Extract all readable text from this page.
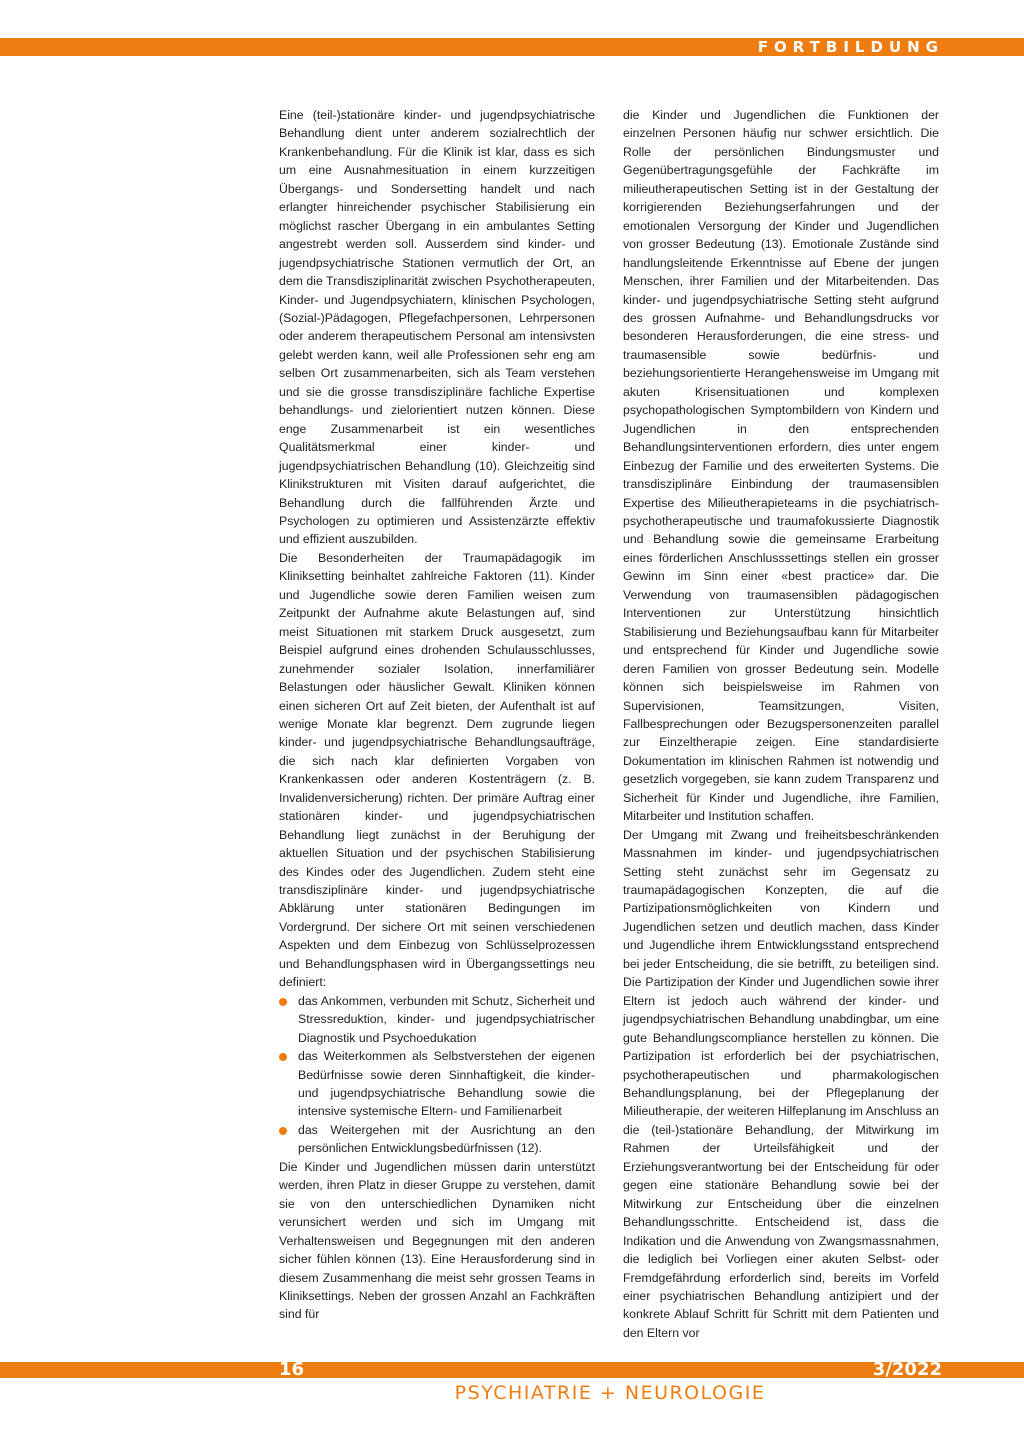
FORTBILDUNG

Eine (teil-)stationäre kinder- und jugendpsychiatrische Behandlung dient unter anderem sozialrechtlich der Krankenbehandlung. Für die Klinik ist klar, dass es sich um eine Ausnahmesituation in einem kurzzeitigen Übergangs- und Sondersetting handelt und nach erlangter hinreichender psychischer Stabilisierung ein möglichst rascher Übergang in ein ambulantes Setting angestrebt werden soll. Ausserdem sind kinder- und jugendpsychiatrische Stationen vermutlich der Ort, an dem die Transdisziplinarität zwischen Psychotherapeuten, Kinder- und Jugendpsychiatern, klinischen Psychologen, (Sozial-)Pädagogen, Pflegefachpersonen, Lehrpersonen oder anderem therapeutischem Personal am intensivsten gelebt werden kann, weil alle Professionen sehr eng am selben Ort zusammenarbeiten, sich als Team verstehen und sie die grosse transdisziplinäre fachliche Expertise behandlungs- und zielorientiert nutzen können. Diese enge Zusammenarbeit ist ein wesentliches Qualitätsmerkmal einer kinder- und jugendpsychiatrischen Behandlung (10). Gleichzeitig sind Klinikstrukturen mit Visiten darauf aufgerichtet, die Behandlung durch die fallführenden Ärzte und Psychologen zu optimieren und Assistenzärzte effektiv und effizient auszubilden.

Die Besonderheiten der Traumapädagogik im Kliniksetting beinhaltet zahlreiche Faktoren (11). Kinder und Jugendliche sowie deren Familien weisen zum Zeitpunkt der Aufnahme akute Belastungen auf, sind meist Situationen mit starkem Druck ausgesetzt, zum Beispiel aufgrund eines drohenden Schulausschlusses, zunehmender sozialer Isolation, innerfamiliärer Belastungen oder häuslicher Gewalt. Kliniken können einen sicheren Ort auf Zeit bieten, der Aufenthalt ist auf wenige Monate klar begrenzt. Dem zugrunde liegen kinder- und jugendpsychiatrische Behandlungsaufträge, die sich nach klar definierten Vorgaben von Krankenkassen oder anderen Kostenträgern (z. B. Invalidenversicherung) richten. Der primäre Auftrag einer stationären kinder- und jugendpsychiatrischen Behandlung liegt zunächst in der Beruhigung der aktuellen Situation und der psychischen Stabilisierung des Kindes oder des Jugendlichen. Zudem steht eine transdisziplinäre kinder- und jugendpsychiatrische Abklärung unter stationären Bedingungen im Vordergrund. Der sichere Ort mit seinen verschiedenen Aspekten und dem Einbezug von Schlüsselprozessen und Behandlungsphasen wird in Übergangssettings neu definiert:

das Ankommen, verbunden mit Schutz, Sicherheit und Stressreduktion, kinder- und jugendpsychiatrischer Diagnostik und Psychoedukation
das Weiterkommen als Selbstverstehen der eigenen Bedürfnisse sowie deren Sinnhaftigkeit, die kinder- und jugendpsychiatrische Behandlung sowie die intensive systemische Eltern- und Familienarbeit
das Weitergehen mit der Ausrichtung an den persönlichen Entwicklungsbedürfnissen (12).

Die Kinder und Jugendlichen müssen darin unterstützt werden, ihren Platz in dieser Gruppe zu verstehen, damit sie von den unterschiedlichen Dynamiken nicht verunsichert werden und sich im Umgang mit Verhaltensweisen und Begegnungen mit den anderen sicher fühlen können (13). Eine Herausforderung sind in diesem Zusammenhang die meist sehr grossen Teams in Kliniksettings. Neben der grossen Anzahl an Fachkräften sind für

die Kinder und Jugendlichen die Funktionen der einzelnen Personen häufig nur schwer ersichtlich. Die Rolle der persönlichen Bindungsmuster und Gegenübertragungsgefühle der Fachkräfte im milieutherapeutischen Setting ist in der Gestaltung der korrigierenden Beziehungserfahrungen und der emotionalen Versorgung der Kinder und Jugendlichen von grosser Bedeutung (13). Emotionale Zustände sind handlungsleitende Erkenntnisse auf Ebene der jungen Menschen, ihrer Familien und der Mitarbeitenden. Das kinder- und jugendpsychiatrische Setting steht aufgrund des grossen Aufnahme- und Behandlungsdrucks vor besonderen Herausforderungen, die eine stress- und traumasensible sowie bedürfnis- und beziehungsorientierte Herangehensweise im Umgang mit akuten Krisensituationen und komplexen psychopathologischen Symptombildern von Kindern und Jugendlichen in den entsprechenden Behandlungsinterventionen erfordern, dies unter engem Einbezug der Familie und des erweiterten Systems. Die transdisziplinäre Einbindung der traumasensiblen Expertise des Milieutherapieteams in die psychiatrisch-psychotherapeutische und traumafokussierte Diagnostik und Behandlung sowie die gemeinsame Erarbeitung eines förderlichen Anschlusssettings stellen ein grosser Gewinn im Sinn einer «best practice» dar. Die Verwendung von traumasensiblen pädagogischen Interventionen zur Unterstützung hinsichtlich Stabilisierung und Beziehungsaufbau kann für Mitarbeiter und entsprechend für Kinder und Jugendliche sowie deren Familien von grosser Bedeutung sein. Modelle können sich beispielsweise im Rahmen von Supervisionen, Teamsitzungen, Visiten, Fallbesprechungen oder Bezugspersonenzeiten parallel zur Einzeltherapie zeigen. Eine standardisierte Dokumentation im klinischen Rahmen ist notwendig und gesetzlich vorgegeben, sie kann zudem Transparenz und Sicherheit für Kinder und Jugendliche, ihre Familien, Mitarbeiter und Institution schaffen.

Der Umgang mit Zwang und freiheitsbeschränkenden Massnahmen im kinder- und jugendpsychiatrischen Setting steht zunächst sehr im Gegensatz zu traumapädagogischen Konzepten, die auf die Partizipationsmöglichkeiten von Kindern und Jugendlichen setzen und deutlich machen, dass Kinder und Jugendliche ihrem Entwicklungsstand entsprechend bei jeder Entscheidung, die sie betrifft, zu beteiligen sind. Die Partizipation der Kinder und Jugendlichen sowie ihrer Eltern ist jedoch auch während der kinder- und jugendpsychiatrischen Behandlung unabdingbar, um eine gute Behandlungscompliance herstellen zu können. Die Partizipation ist erforderlich bei der psychiatrischen, psychotherapeutischen und pharmakologischen Behandlungsplanung, bei der Pflegeplanung der Milieutherapie, der weiteren Hilfeplanung im Anschluss an die (teil-)stationäre Behandlung, der Mitwirkung im Rahmen der Urteilsfähigkeit und der Erziehungsverantwortung bei der Entscheidung für oder gegen eine stationäre Behandlung sowie bei der Mitwirkung zur Entscheidung über die einzelnen Behandlungsschritte. Entscheidend ist, dass die Indikation und die Anwendung von Zwangsmassnahmen, die lediglich bei Vorliegen einer akuten Selbst- oder Fremdgefährdung erforderlich sind, bereits im Vorfeld einer psychiatrischen Behandlung antizipiert und der konkrete Ablauf Schritt für Schritt mit dem Patienten und den Eltern vor

16	3/2022
PSYCHIATRIE + NEUROLOGIE
